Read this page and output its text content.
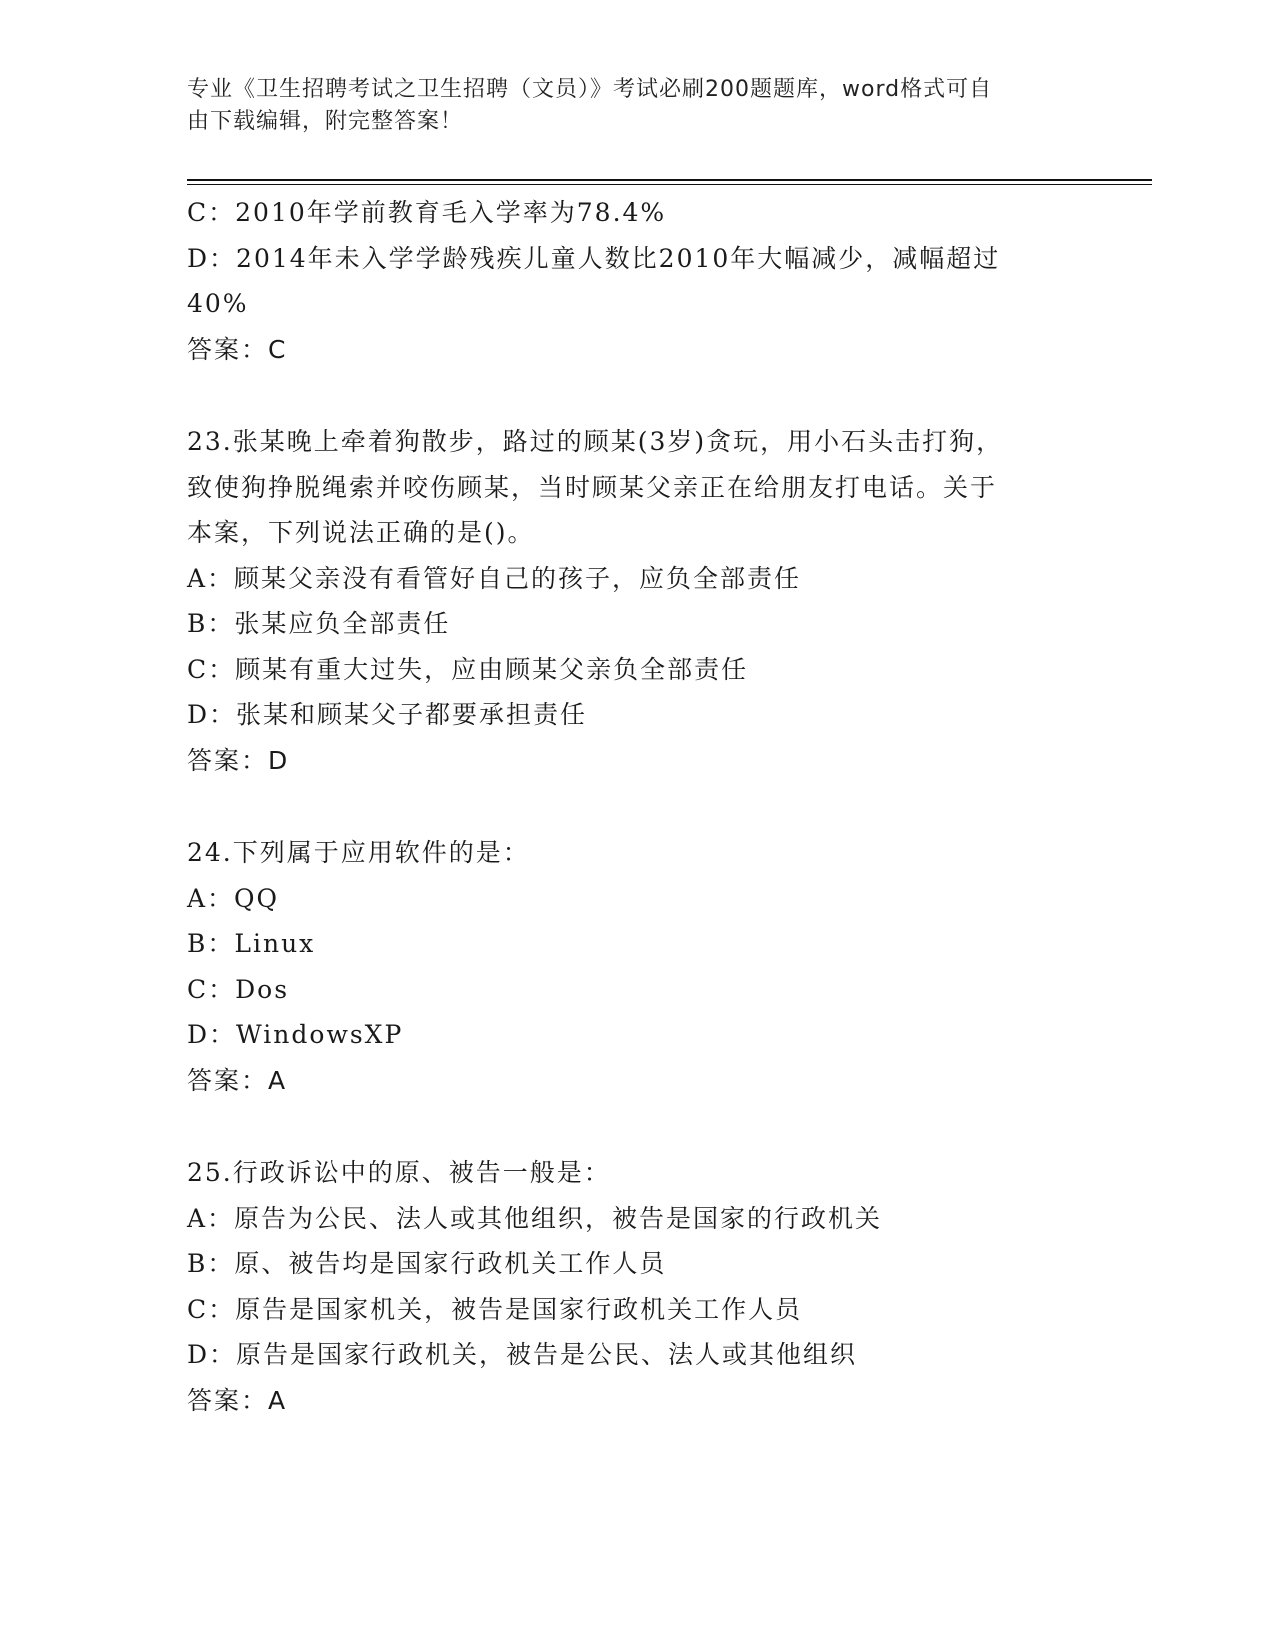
专业《卫生招聘考试之卫生招聘（文员）》考试必刷200题题库，word格式可自
由下载编辑，附完整答案！
C：2010年学前教育毛入学率为78.4%
D：2014年未入学学龄残疾儿童人数比2010年大幅减少，减幅超过
40%
答案：C
23.张某晚上牵着狗散步，路过的顾某(3岁)贪玩，用小石头击打狗，
致使狗挣脱绳索并咬伤顾某，当时顾某父亲正在给朋友打电话。关于
本案，下列说法正确的是()。
A：顾某父亲没有看管好自己的孩子，应负全部责任
B：张某应负全部责任
C：顾某有重大过失，应由顾某父亲负全部责任
D：张某和顾某父子都要承担责任
答案：D
24.下列属于应用软件的是：
A：QQ
B：Linux
C：Dos
D：WindowsXP
答案：A
25.行政诉讼中的原、被告一般是：
A：原告为公民、法人或其他组织，被告是国家的行政机关
B：原、被告均是国家行政机关工作人员
C：原告是国家机关，被告是国家行政机关工作人员
D：原告是国家行政机关，被告是公民、法人或其他组织
答案：A
